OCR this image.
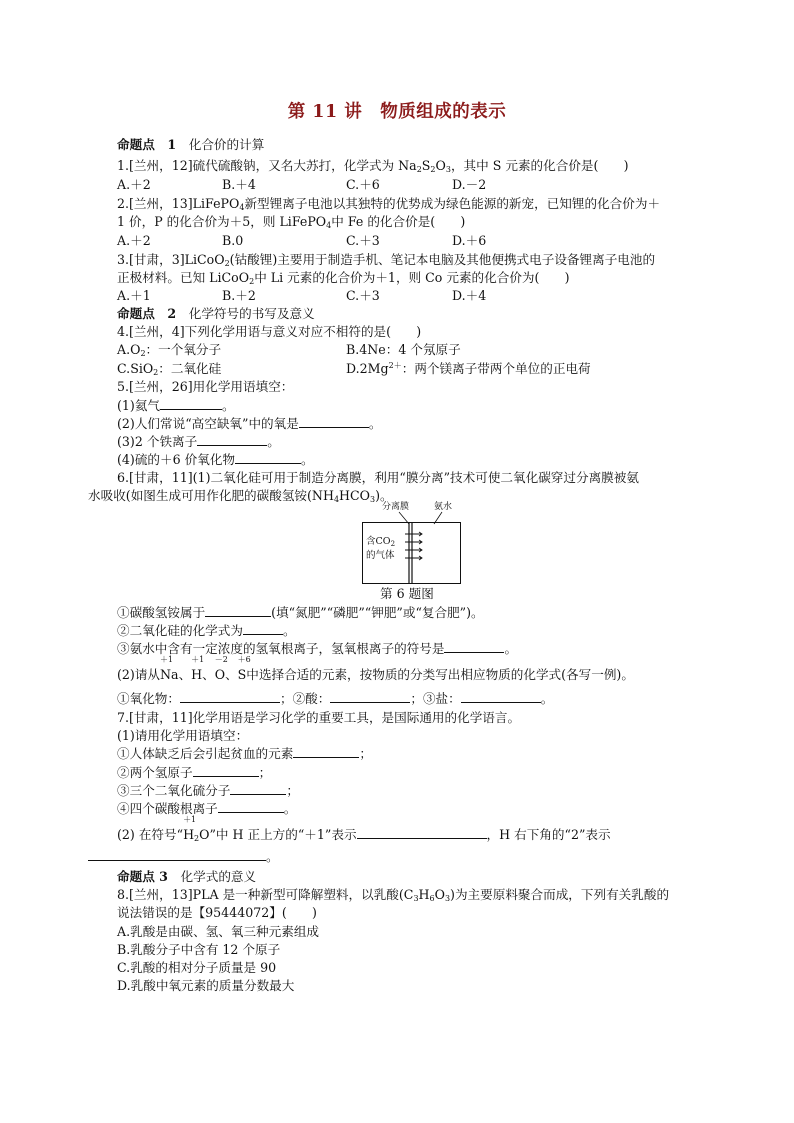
第 11 讲　物质组成的表示
命题点　1　 化合价的计算
1.[兰州，12]硫代硫酸钠，又名大苏打，化学式为 $Na_2S_2O_3$，其中 S 元素的化合价是(　　)
A.＋2	B.＋4	C.＋6	D.－2
2.[兰州，13]LiFePO$_4$新型锂离子电池以其独特的优势成为绿色能源的新宠，已知锂的化合价为＋
1 价，P 的化合价为＋5，则 LiFePO$_4$中 Fe 的化合价是(　　)
A.＋2	B.0	C.＋3	D.＋6
3.[甘肃，3]LiCoO$_2$(钴酸锂)主要用于制造手机、笔记本电脑及其他便携式电子设备锂离子电池的
正极材料。已知 LiCoO$_2$中 Li 元素的化合价为＋1，则 Co 元素的化合价为(　　)
A.＋1	B.＋2	C.＋3	D.＋4
命题点　2　 化学符号的书写及意义
4.[兰州，4]下列化学用语与意义对应不相符的是(　　)
$A.O_2$：一个氧分子	B.4Ne：4 个氖原子
C.SiO$_2$：二氧化硅	$D.2Mg^{2+}$：两个镁离子带两个单位的正电荷
5.[兰州，26]用化学用语填空：
(1)氦气	。
(2)人们常说“高空缺氧”中的氧是	。
(3)2 个铁离子	。
(4)硫的＋6 价氧化物	。
6.[甘肃，11](1)二氧化硅可用于制造分离膜，利用“膜分离”技术可使二氧化碳穿过分离膜被氨
水吸收(如图生成可用作化肥的碳酸氢铵$(NH_4HCO_3)$。
分离膜	氨水
含$CO_2$
的气体
第 6 题图
①碳酸氢铵属于	(填“氮肥”“磷肥”“钾肥”或“复合肥”)。
②二氧化硅的化学式为	。
③氨水中含有一定浓度的氢氧根离子，氢氧根离子的符号是	。
(2)请从
＋1
Na、
＋1
H、
－2
O、
＋6
S中选择合适的元素，按物质的分类写出相应物质的化学式(各写一例)。
①氧化物：	；②酸：	；③盐：	。
7.[甘肃，11]化学用语是学习化学的重要工具，是国际通用的化学语言。
(1)请用化学用语填空：
①人体缺乏后会引起贫血的元素	；
②两个氢原子	；
③三个二氧化硫分子	；
④四个碳酸根离子	。
(2) 在符号“
＋1
$H_2O$”中 H 正上方的“＋1”表示	，H 右下角的“2”表示
。
命题点 3　 化学式的意义
8.[兰州，13]PLA 是一种新型可降解塑料，以乳酸$(C_3H_6O_3)$为主要原料聚合而成，下列有关乳酸的
说法错误的是【95444072】(　　)
A.乳酸是由碳、氢、氧三种元素组成
B.乳酸分子中含有 12 个原子
C.乳酸的相对分子质量是 90
D.乳酸中氧元素的质量分数最大
